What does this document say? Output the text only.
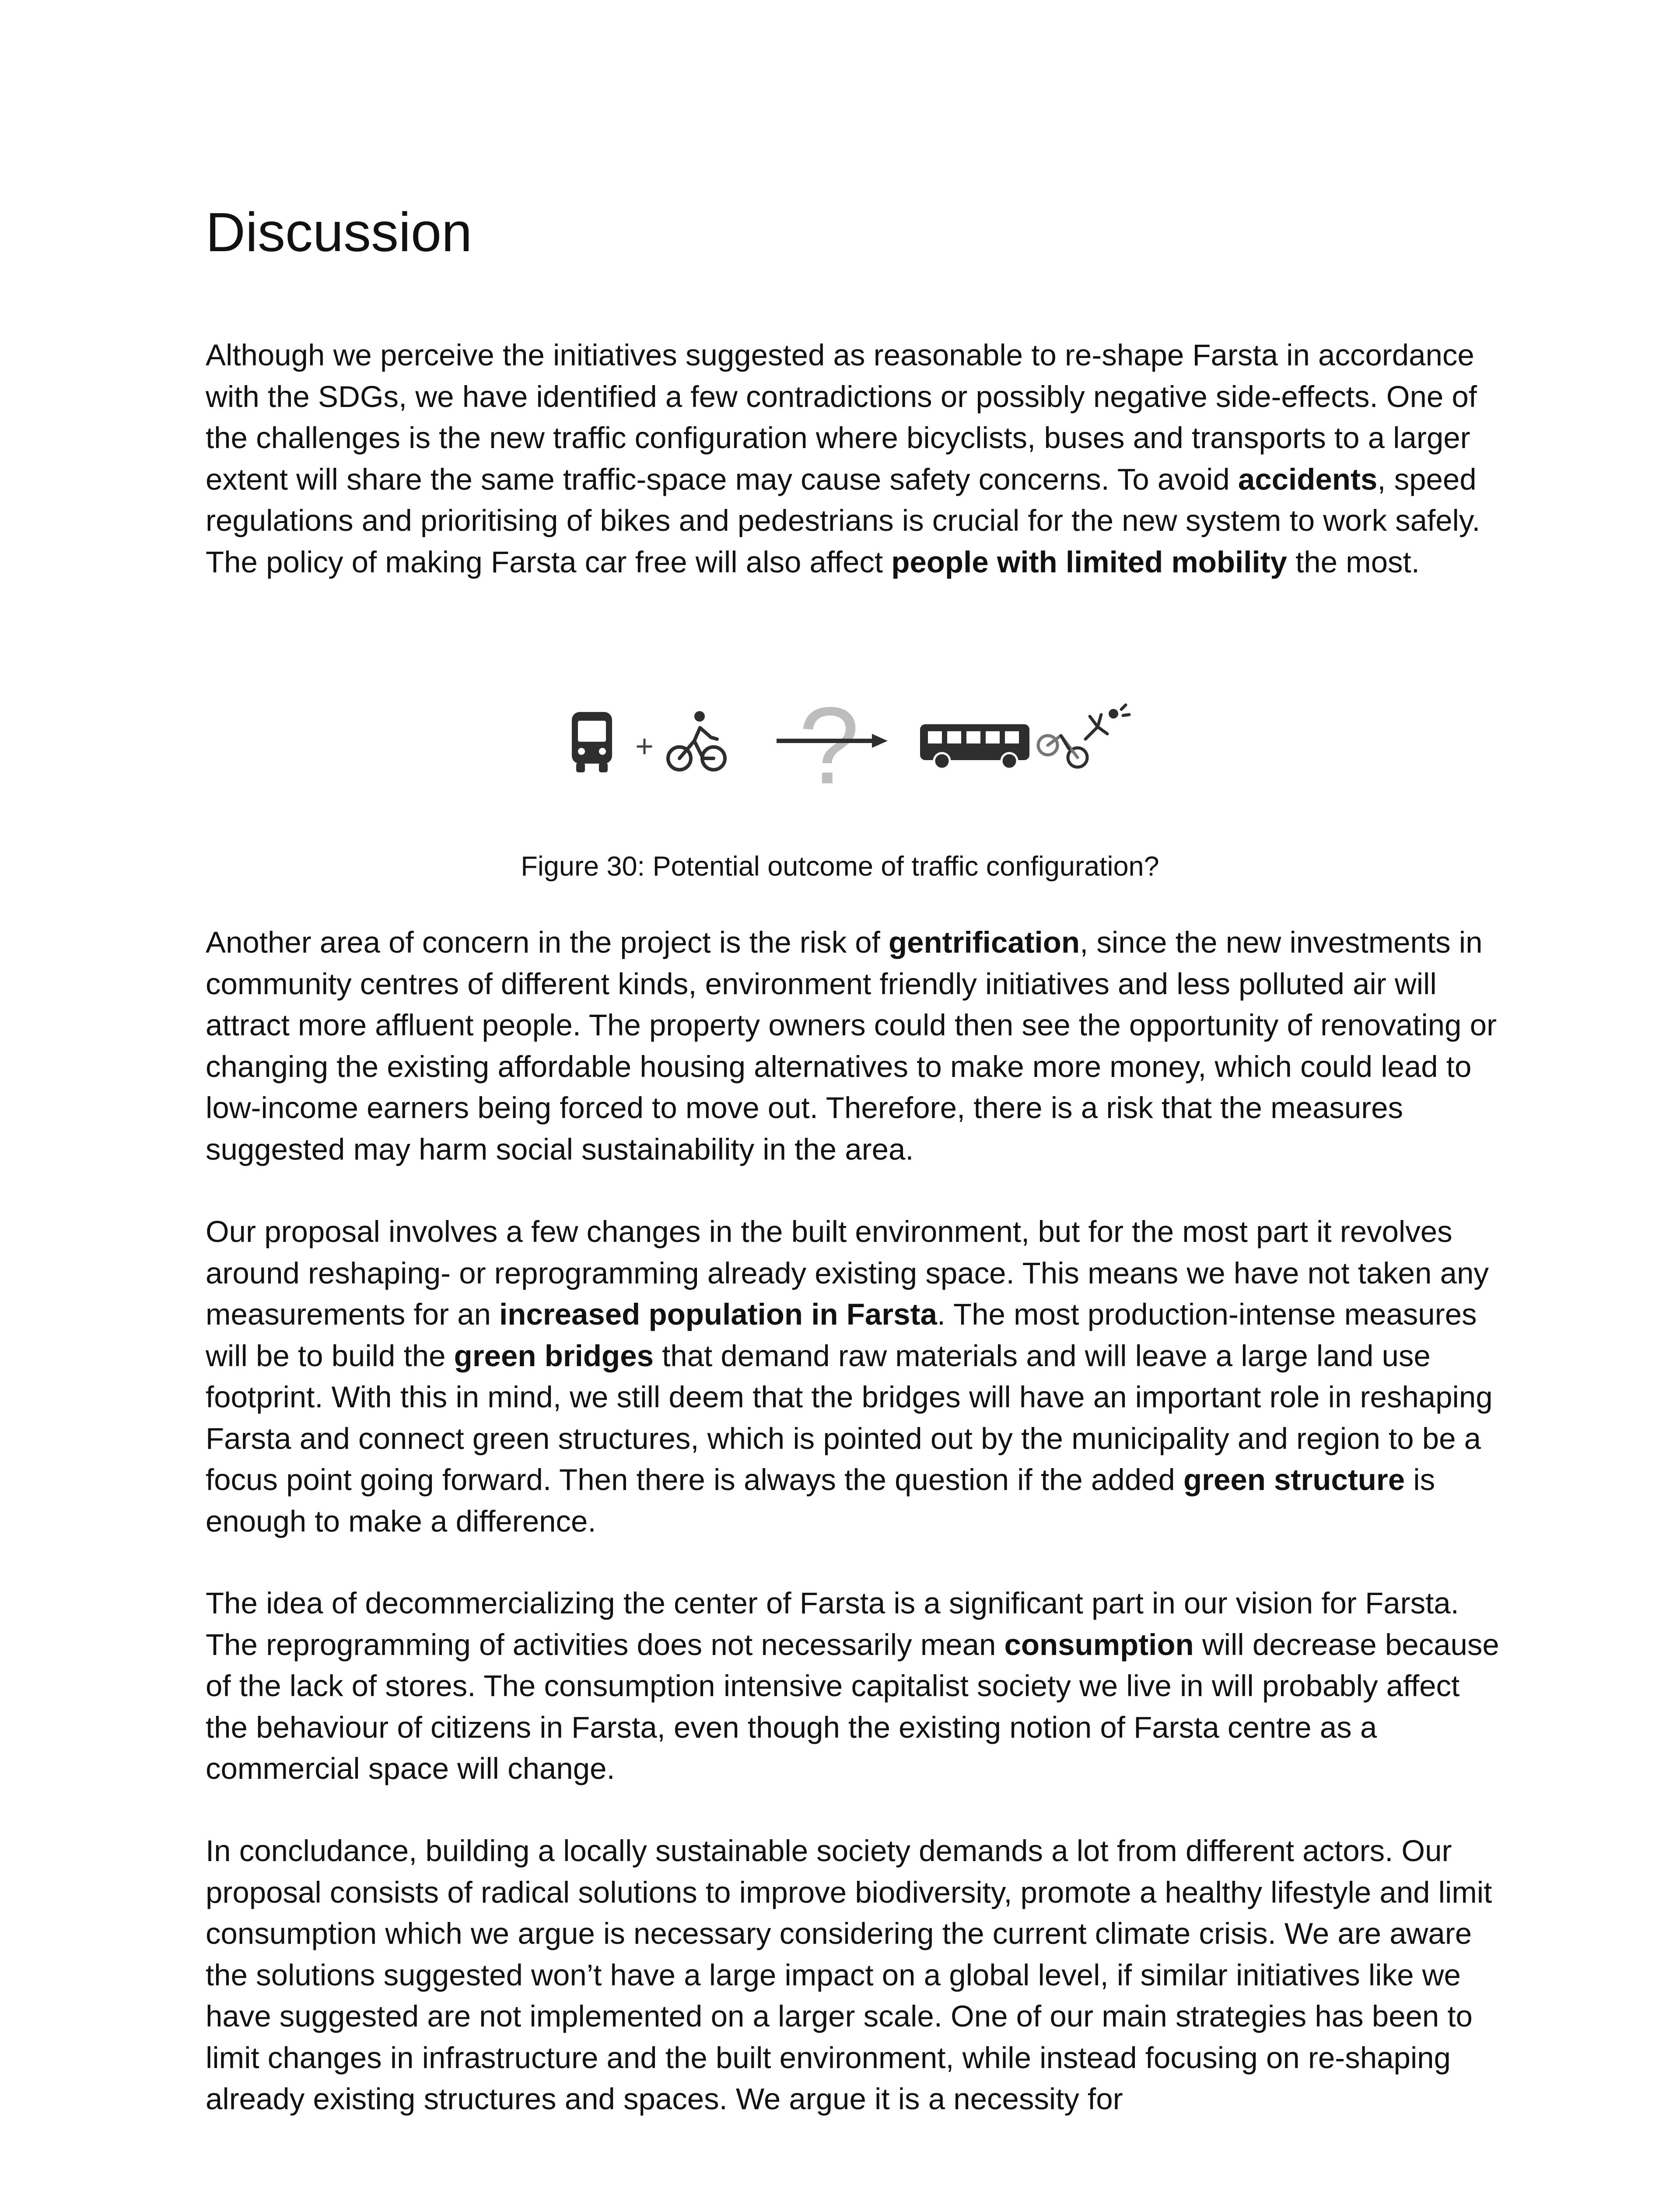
Discussion

Although we perceive the initiatives suggested as reasonable to re-shape Farsta in accordance with the SDGs, we have identified a few contradictions or possibly negative side-effects. One of the challenges is the new traffic configuration where bicyclists, buses and transports to a larger extent will share the same traffic-space may cause safety concerns. To avoid accidents, speed regulations and prioritising of bikes and pedestrians is crucial for the new system to work safely. The policy of making Farsta car free will also affect people with limited mobility the most.

+ ?
Figure 30: Potential outcome of traffic configuration?

Another area of concern in the project is the risk of gentrification, since the new investments in community centres of different kinds, environment friendly initiatives and less polluted air will attract more affluent people. The property owners could then see the opportunity of renovating or changing the existing affordable housing alternatives to make more money, which could lead to low-income earners being forced to move out. Therefore, there is a risk that the measures suggested may harm social sustainability in the area.

Our proposal involves a few changes in the built environment, but for the most part it revolves around reshaping- or reprogramming already existing space. This means we have not taken any measurements for an increased population in Farsta. The most production-intense measures will be to build the green bridges that demand raw materials and will leave a large land use footprint. With this in mind, we still deem that the bridges will have an important role in reshaping Farsta and connect green structures, which is pointed out by the municipality and region to be a focus point going forward. Then there is always the question if the added green structure is enough to make a difference.

The idea of decommercializing the center of Farsta is a significant part in our vision for Farsta. The reprogramming of activities does not necessarily mean consumption will decrease because of the lack of stores. The consumption intensive capitalist society we live in will probably affect the behaviour of citizens in Farsta, even though the existing notion of Farsta centre as a commercial space will change.

In concludance, building a locally sustainable society demands a lot from different actors. Our proposal consists of radical solutions to improve biodiversity, promote a healthy lifestyle and limit consumption which we argue is necessary considering the current climate crisis. We are aware the solutions suggested won’t have a large impact on a global level, if similar initiatives like we have suggested are not implemented on a larger scale. One of our main strategies has been to limit changes in infrastructure and the built environment, while instead focusing on re-shaping already existing structures and spaces. We argue it is a necessity for
